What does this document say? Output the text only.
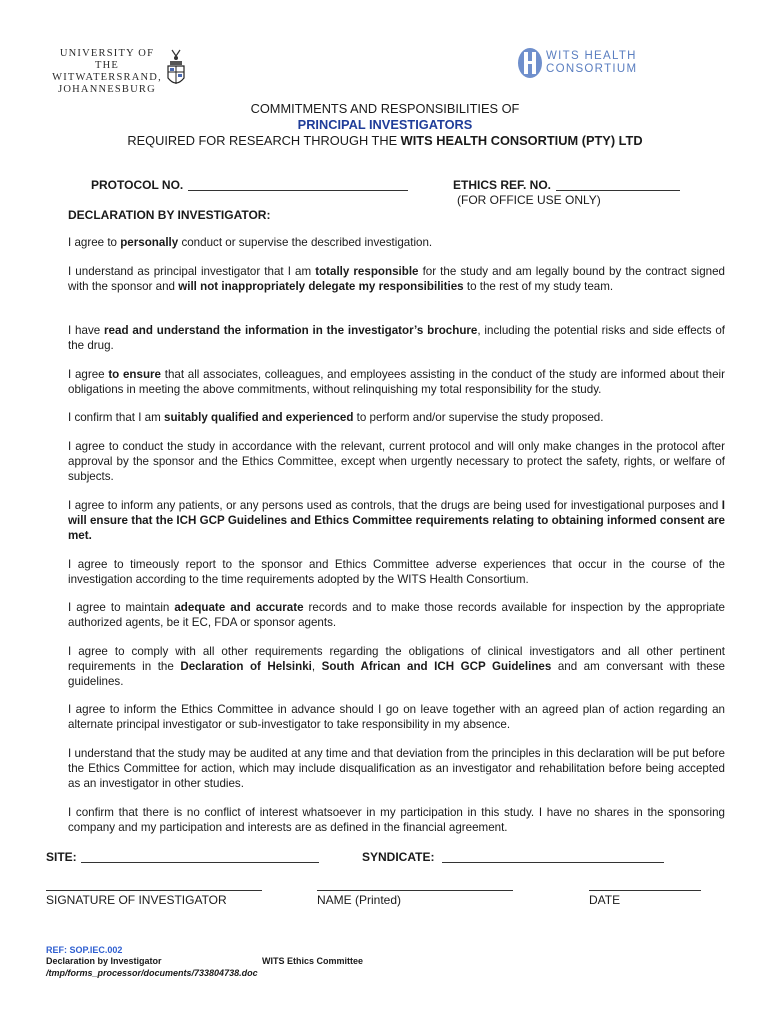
UNIVERSITY OF THE
WITWATERSRAND,
JOHANNESBURG
WITS HEALTH
CONSORTIUM
COMMITMENTS AND RESPONSIBILITIES OF
PRINCIPAL INVESTIGATORS
REQUIRED FOR RESEARCH THROUGH THE WITS HEALTH CONSORTIUM (PTY) LTD
PROTOCOL NO.	ETHICS REF. NO.
(FOR OFFICE USE ONLY)
DECLARATION BY INVESTIGATOR:
I agree to personally conduct or supervise the described investigation.
I understand as principal investigator that I am totally responsible for the study and am legally bound by the contract signed with the sponsor and will not inappropriately delegate my responsibilities to the rest of my study team.
I have read and understand the information in the investigator’s brochure, including the potential risks and side effects of the drug.
I agree to ensure that all associates, colleagues, and employees assisting in the conduct of the study are informed about their obligations in meeting the above commitments, without relinquishing my total responsibility for the study.
I confirm that I am suitably qualified and experienced to perform and/or supervise the study proposed.
I agree to conduct the study in accordance with the relevant, current protocol and will only make changes in the protocol after approval by the sponsor and the Ethics Committee, except when urgently necessary to protect the safety, rights, or welfare of subjects.
I agree to inform any patients, or any persons used as controls, that the drugs are being used for investigational purposes and I will ensure that the ICH GCP Guidelines and Ethics Committee requirements relating to obtaining informed consent are met.
I agree to timeously report to the sponsor and Ethics Committee adverse experiences that occur in the course of the investigation according to the time requirements adopted by the WITS Health Consortium.
I agree to maintain adequate and accurate records and to make those records available for inspection by the appropriate authorized agents, be it EC, FDA or sponsor agents.
I agree to comply with all other requirements regarding the obligations of clinical investigators and all other pertinent requirements in the Declaration of Helsinki, South African and ICH GCP Guidelines and am conversant with these guidelines.
I agree to inform the Ethics Committee in advance should I go on leave together with an agreed plan of action regarding an alternate principal investigator or sub-investigator to take responsibility in my absence.
I understand that the study may be audited at any time and that deviation from the principles in this declaration will be put before the Ethics Committee for action, which may include disqualification as an investigator and rehabilitation before being accepted as an investigator in other studies.
I confirm that there is no conflict of interest whatsoever in my participation in this study. I have no shares in the sponsoring company and my participation and interests are as defined in the financial agreement.
SITE:	SYNDICATE:
SIGNATURE OF INVESTIGATOR	NAME (Printed)	DATE
REF: SOP.IEC.002
Declaration by Investigator	WITS Ethics Committee
/tmp/forms_processor/documents/733804738.doc
